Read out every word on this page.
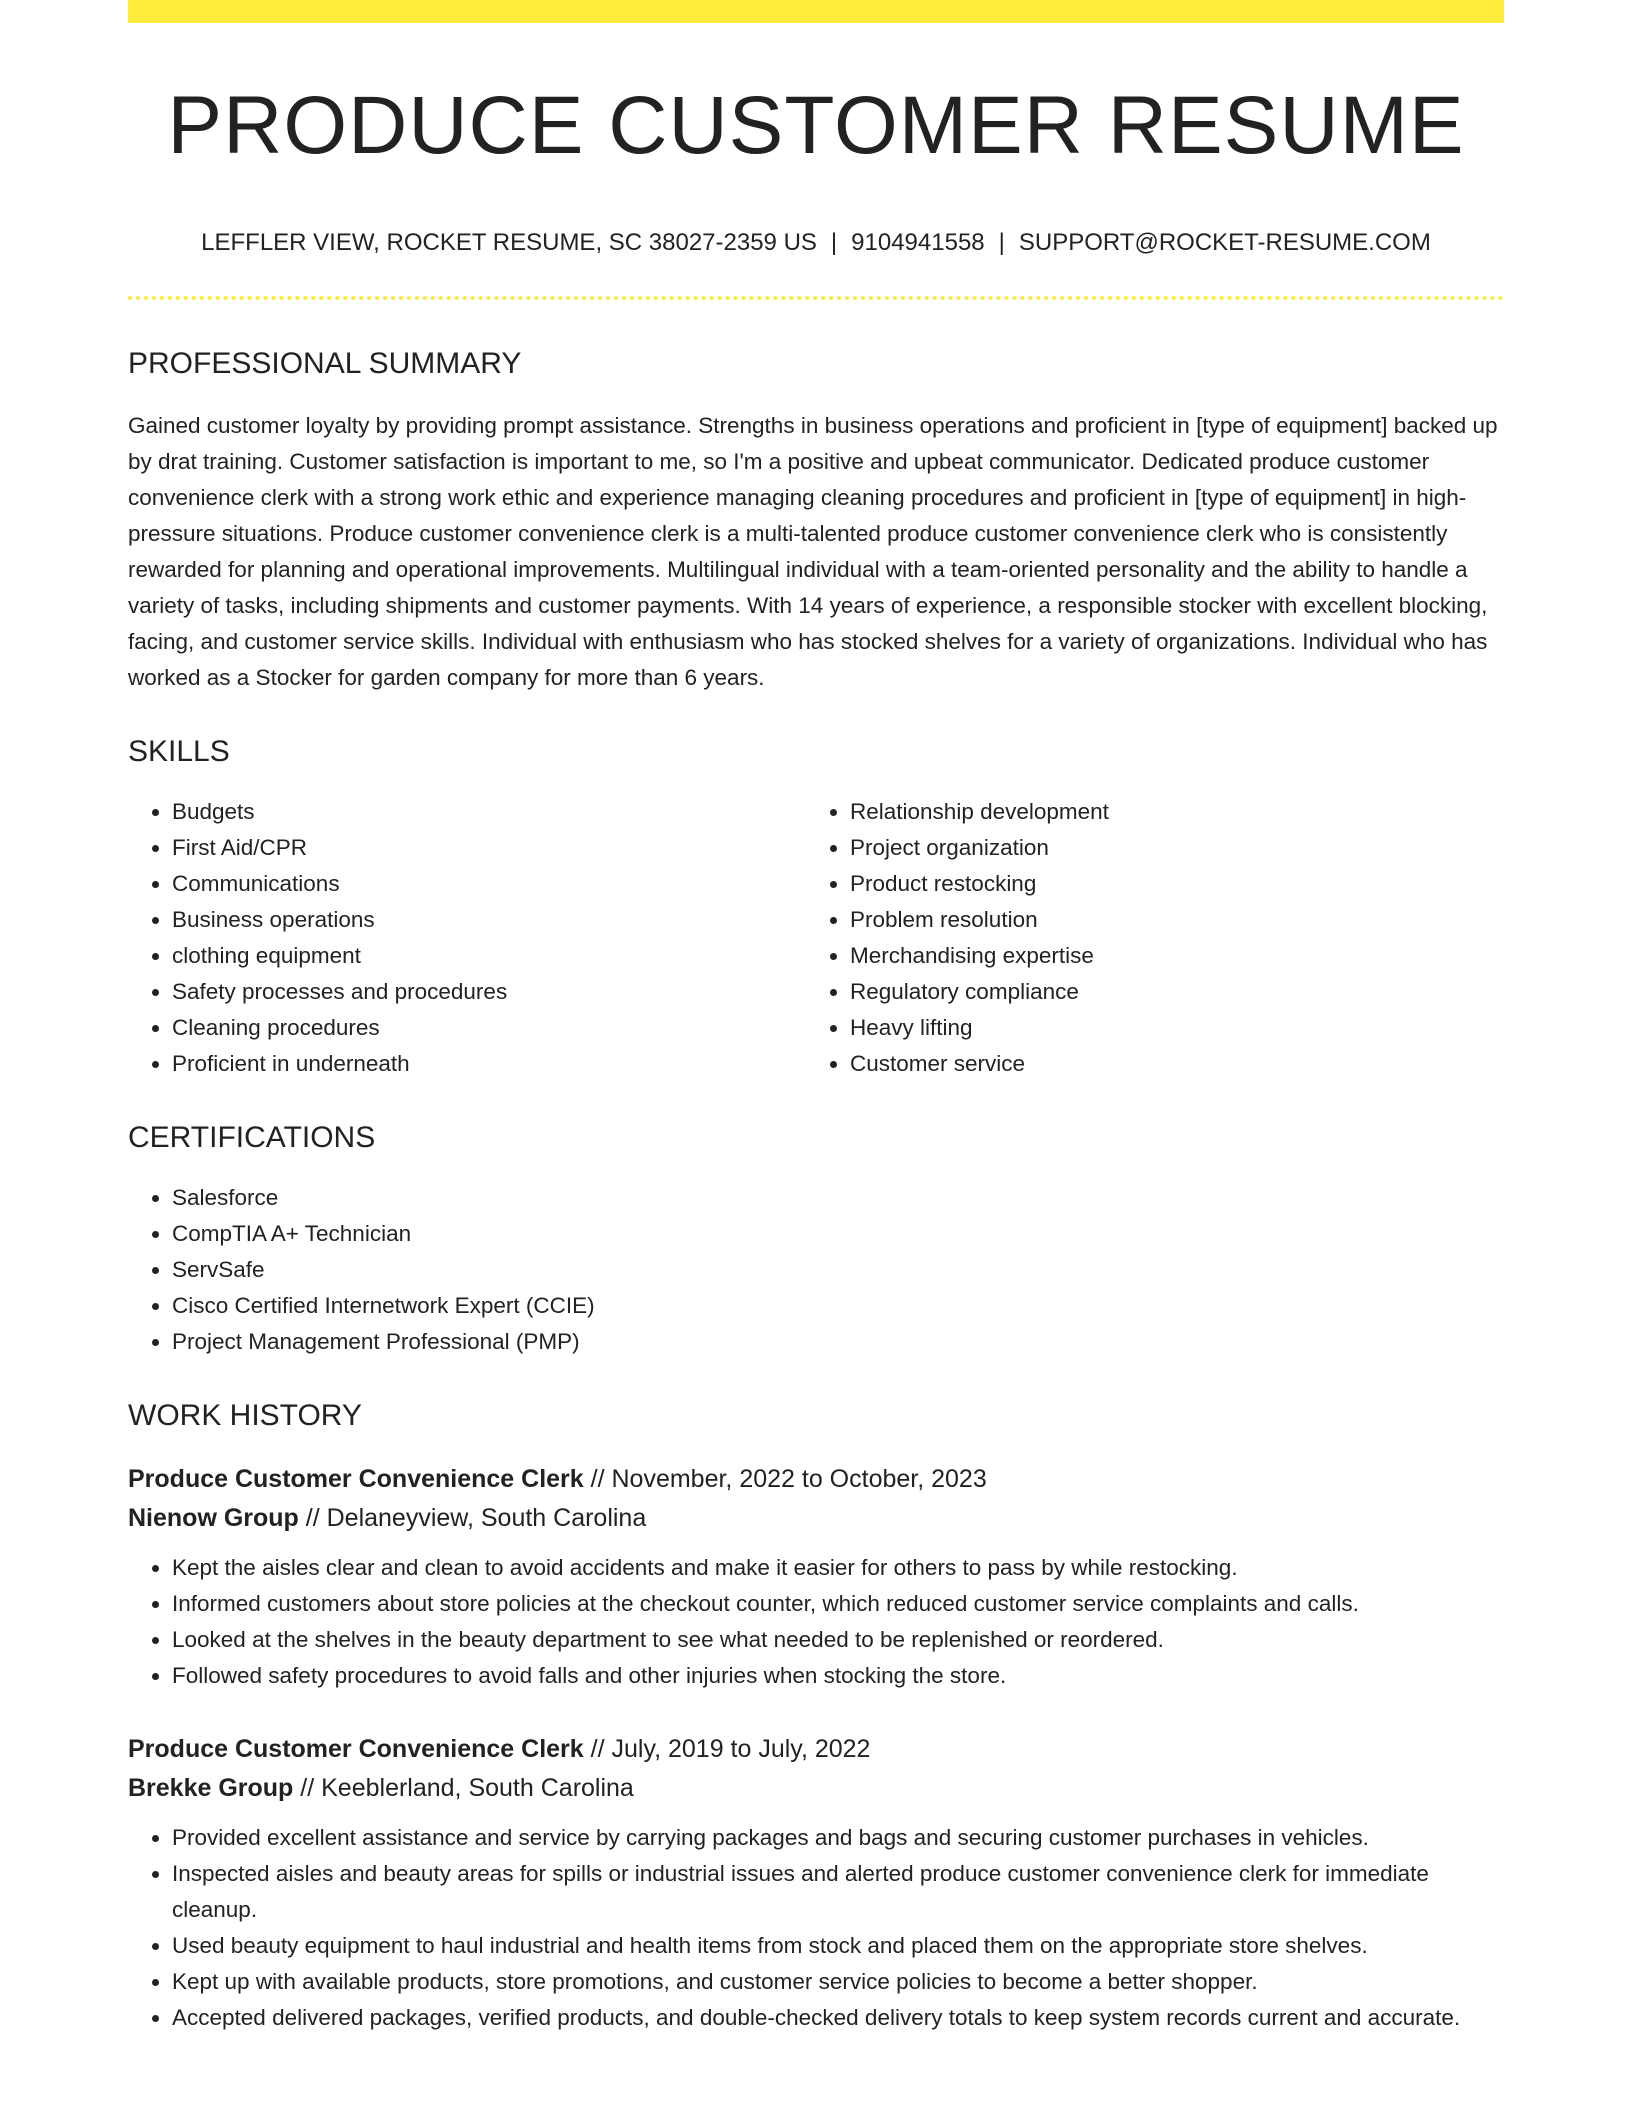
PRODUCE CUSTOMER RESUME
LEFFLER VIEW, ROCKET RESUME, SC 38027-2359 US | 9104941558 | SUPPORT@ROCKET-RESUME.COM
PROFESSIONAL SUMMARY

Gained customer loyalty by providing prompt assistance. Strengths in business operations and proficient in [type of equipment] backed up by drat training. Customer satisfaction is important to me, so I'm a positive and upbeat communicator. Dedicated produce customer convenience clerk with a strong work ethic and experience managing cleaning procedures and proficient in [type of equipment] in high-pressure situations. Produce customer convenience clerk is a multi-talented produce customer convenience clerk who is consistently rewarded for planning and operational improvements. Multilingual individual with a team-oriented personality and the ability to handle a variety of tasks, including shipments and customer payments. With 14 years of experience, a responsible stocker with excellent blocking, facing, and customer service skills. Individual with enthusiasm who has stocked shelves for a variety of organizations. Individual who has worked as a Stocker for garden company for more than 6 years.

SKILLS
• Budgets
• First Aid/CPR
• Communications
• Business operations
• clothing equipment
• Safety processes and procedures
• Cleaning procedures
• Proficient in underneath
• Relationship development
• Project organization
• Product restocking
• Problem resolution
• Merchandising expertise
• Regulatory compliance
• Heavy lifting
• Customer service
CERTIFICATIONS
• Salesforce
• CompTIA A+ Technician
• ServSafe
• Cisco Certified Internetwork Expert (CCIE)
• Project Management Professional (PMP)
WORK HISTORY
Produce Customer Convenience Clerk // November, 2022 to October, 2023
Nienow Group // Delaneyview, South Carolina
• Kept the aisles clear and clean to avoid accidents and make it easier for others to pass by while restocking.
• Informed customers about store policies at the checkout counter, which reduced customer service complaints and calls.
• Looked at the shelves in the beauty department to see what needed to be replenished or reordered.
• Followed safety procedures to avoid falls and other injuries when stocking the store.
Produce Customer Convenience Clerk // July, 2019 to July, 2022
Brekke Group // Keeblerland, South Carolina
• Provided excellent assistance and service by carrying packages and bags and securing customer purchases in vehicles.
• Inspected aisles and beauty areas for spills or industrial issues and alerted produce customer convenience clerk for immediate cleanup.
• Used beauty equipment to haul industrial and health items from stock and placed them on the appropriate store shelves.
• Kept up with available products, store promotions, and customer service policies to become a better shopper.
• Accepted delivered packages, verified products, and double-checked delivery totals to keep system records current and accurate.
